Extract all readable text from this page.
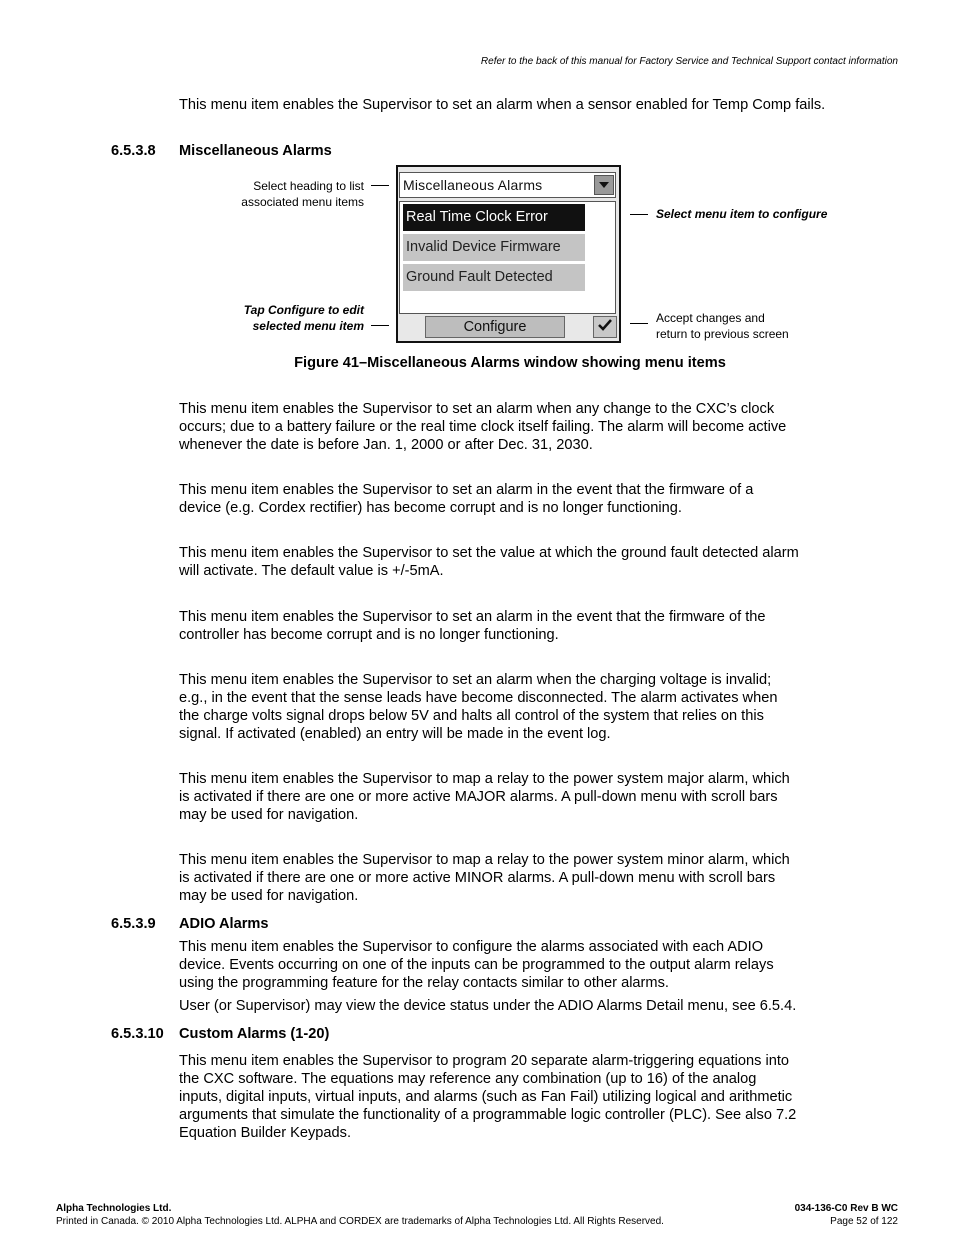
Refer to the back of this manual for Factory Service and Technical Support contact information
This menu item enables the Supervisor to set an alarm when a sensor enabled for Temp Comp fails.
6.5.3.8 Miscellaneous Alarms
Select heading to list
associated menu items
Select menu item to configure
Tap Configure to edit
selected menu item
Accept changes and
return to previous screen
Miscellaneous Alarms
Real Time Clock Error
Invalid Device Firmware
Ground Fault Detected
Configure
Figure 41–Miscellaneous Alarms window showing menu items
This menu item enables the Supervisor to set an alarm when any change to the CXC’s clock
occurs; due to a battery failure or the real time clock itself failing. The alarm will become active
whenever the date is before Jan. 1, 2000 or after Dec. 31, 2030.
This menu item enables the Supervisor to set an alarm in the event that the firmware of a
device (e.g. Cordex rectifier) has become corrupt and is no longer functioning.
This menu item enables the Supervisor to set the value at which the ground fault detected alarm
will activate. The default value is +/-5mA.
This menu item enables the Supervisor to set an alarm in the event that the firmware of the
controller has become corrupt and is no longer functioning.
This menu item enables the Supervisor to set an alarm when the charging voltage is invalid;
e.g., in the event that the sense leads have become disconnected. The alarm activates when
the charge volts signal drops below 5V and halts all control of the system that relies on this
signal. If activated (enabled) an entry will be made in the event log.
This menu item enables the Supervisor to map a relay to the power system major alarm, which
is activated if there are one or more active MAJOR alarms. A pull-down menu with scroll bars
may be used for navigation.
This menu item enables the Supervisor to map a relay to the power system minor alarm, which
is activated if there are one or more active MINOR alarms. A pull-down menu with scroll bars
may be used for navigation.
6.5.3.9 ADIO Alarms
This menu item enables the Supervisor to configure the alarms associated with each ADIO
device. Events occurring on one of the inputs can be programmed to the output alarm relays
using the programming feature for the relay contacts similar to other alarms.
User (or Supervisor) may view the device status under the ADIO Alarms Detail menu, see 6.5.4.
6.5.3.10 Custom Alarms (1-20)
This menu item enables the Supervisor to program 20 separate alarm-triggering equations into
the CXC software. The equations may reference any combination (up to 16) of the analog
inputs, digital inputs, virtual inputs, and alarms (such as Fan Fail) utilizing logical and arithmetic
arguments that simulate the functionality of a programmable logic controller (PLC). See also 7.2
Equation Builder Keypads.
Alpha Technologies Ltd.
Printed in Canada. © 2010 Alpha Technologies Ltd. ALPHA and CORDEX are trademarks of Alpha Technologies Ltd. All Rights Reserved.
034-136-C0 Rev B WC
Page 52 of 122
